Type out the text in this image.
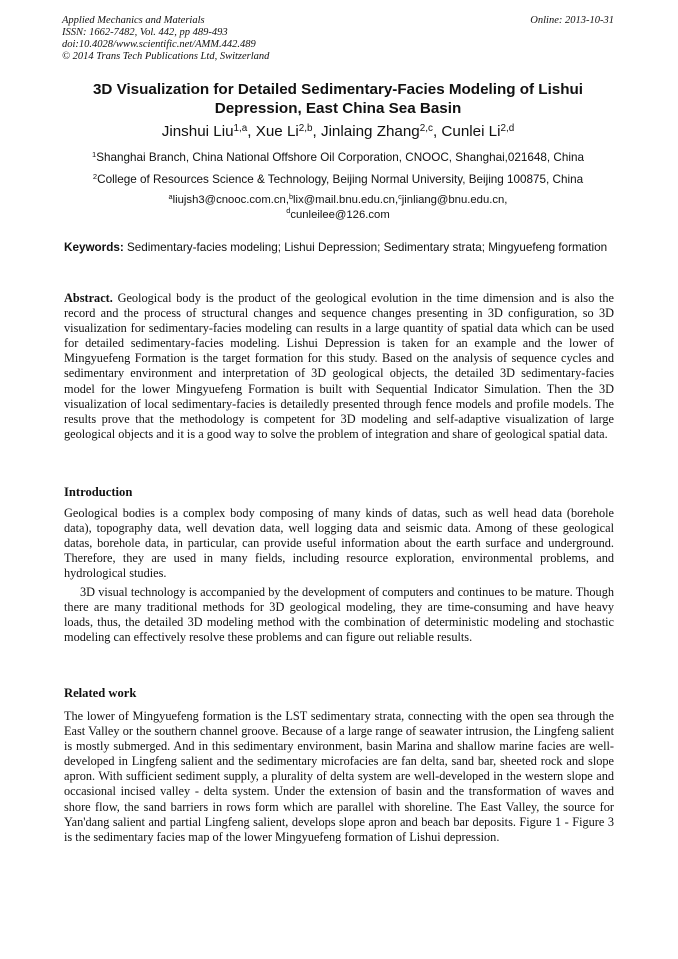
Applied Mechanics and Materials
ISSN: 1662-7482, Vol. 442, pp 489-493
doi:10.4028/www.scientific.net/AMM.442.489
© 2014 Trans Tech Publications Ltd, Switzerland
Online: 2013-10-31
3D Visualization for Detailed Sedimentary-Facies Modeling of Lishui Depression, East China Sea Basin
Jinshui Liu$^{1,a}$, Xue Li$^{2,b}$, Jinlaing Zhang$^{2,c}$, Cunlei Li$^{2,d}$
$^1$Shanghai Branch, China National Offshore Oil Corporation, CNOOC, Shanghai,021648, China
$^2$College of Resources Science & Technology, Beijing Normal University, Beijing 100875, China
$^a$liujsh3@cnooc.com.cn,$^b$lix@mail.bnu.edu.cn,$^c$jinliang@bnu.edu.cn,
$^d$cunleilee@126.com
Keywords: Sedimentary-facies modeling; Lishui Depression; Sedimentary strata; Mingyuefeng formation
Abstract. Geological body is the product of the geological evolution in the time dimension and is also the record and the process of structural changes and sequence changes presenting in 3D configuration, so 3D visualization for sedimentary-facies modeling can results in a large quantity of spatial data which can be used for detailed sedimentary-facies modeling. Lishui Depression is taken for an example and the lower of Mingyuefeng Formation is the target formation for this study. Based on the analysis of sequence cycles and sedimentary environment and interpretation of 3D geological objects, the detailed 3D sedimentary-facies model for the lower Mingyuefeng Formation is built with Sequential Indicator Simulation. Then the 3D visualization of local sedimentary-facies is detailedly presented through fence models and profile models. The results prove that the methodology is competent for 3D modeling and self-adaptive visualization of large geological objects and it is a good way to solve the problem of integration and share of geological spatial data.
Introduction

Geological bodies is a complex body composing of many kinds of datas, such as well head data (borehole data), topography data, well devation data, well logging data and seismic data. Among of these geological datas, borehole data, in particular, can provide useful information about the earth surface and underground. Therefore, they are used in many fields, including resource exploration, environmental problems, and hydrological studies.

3D visual technology is accompanied by the development of computers and continues to be mature. Though there are many traditional methods for 3D geological modeling, they are time-consuming and have heavy loads, thus, the detailed 3D modeling method with the combination of deterministic modeling and stochastic modeling can effectively resolve these problems and can figure out reliable results.

Related work

The lower of Mingyuefeng formation is the LST sedimentary strata, connecting with the open sea through the East Valley or the southern channel groove. Because of a large range of seawater intrusion, the Lingfeng salient is mostly submerged. And in this sedimentary environment, basin Marina and shallow marine facies are well-developed in Lingfeng salient and the sedimentary microfacies are fan delta, sand bar, sheeted rock and slope apron. With sufficient sediment supply, a plurality of delta system are well-developed in the western slope and occasional incised valley - delta system. Under the extension of basin and the transformation of waves and shore flow, the sand barriers in rows form which are parallel with shoreline. The East Valley, the source for Yan'dang salient and partial Lingfeng salient, develops slope apron and beach bar deposits. Figure 1 - Figure 3 is the sedimentary facies map of the lower Mingyuefeng formation of Lishui depression.
